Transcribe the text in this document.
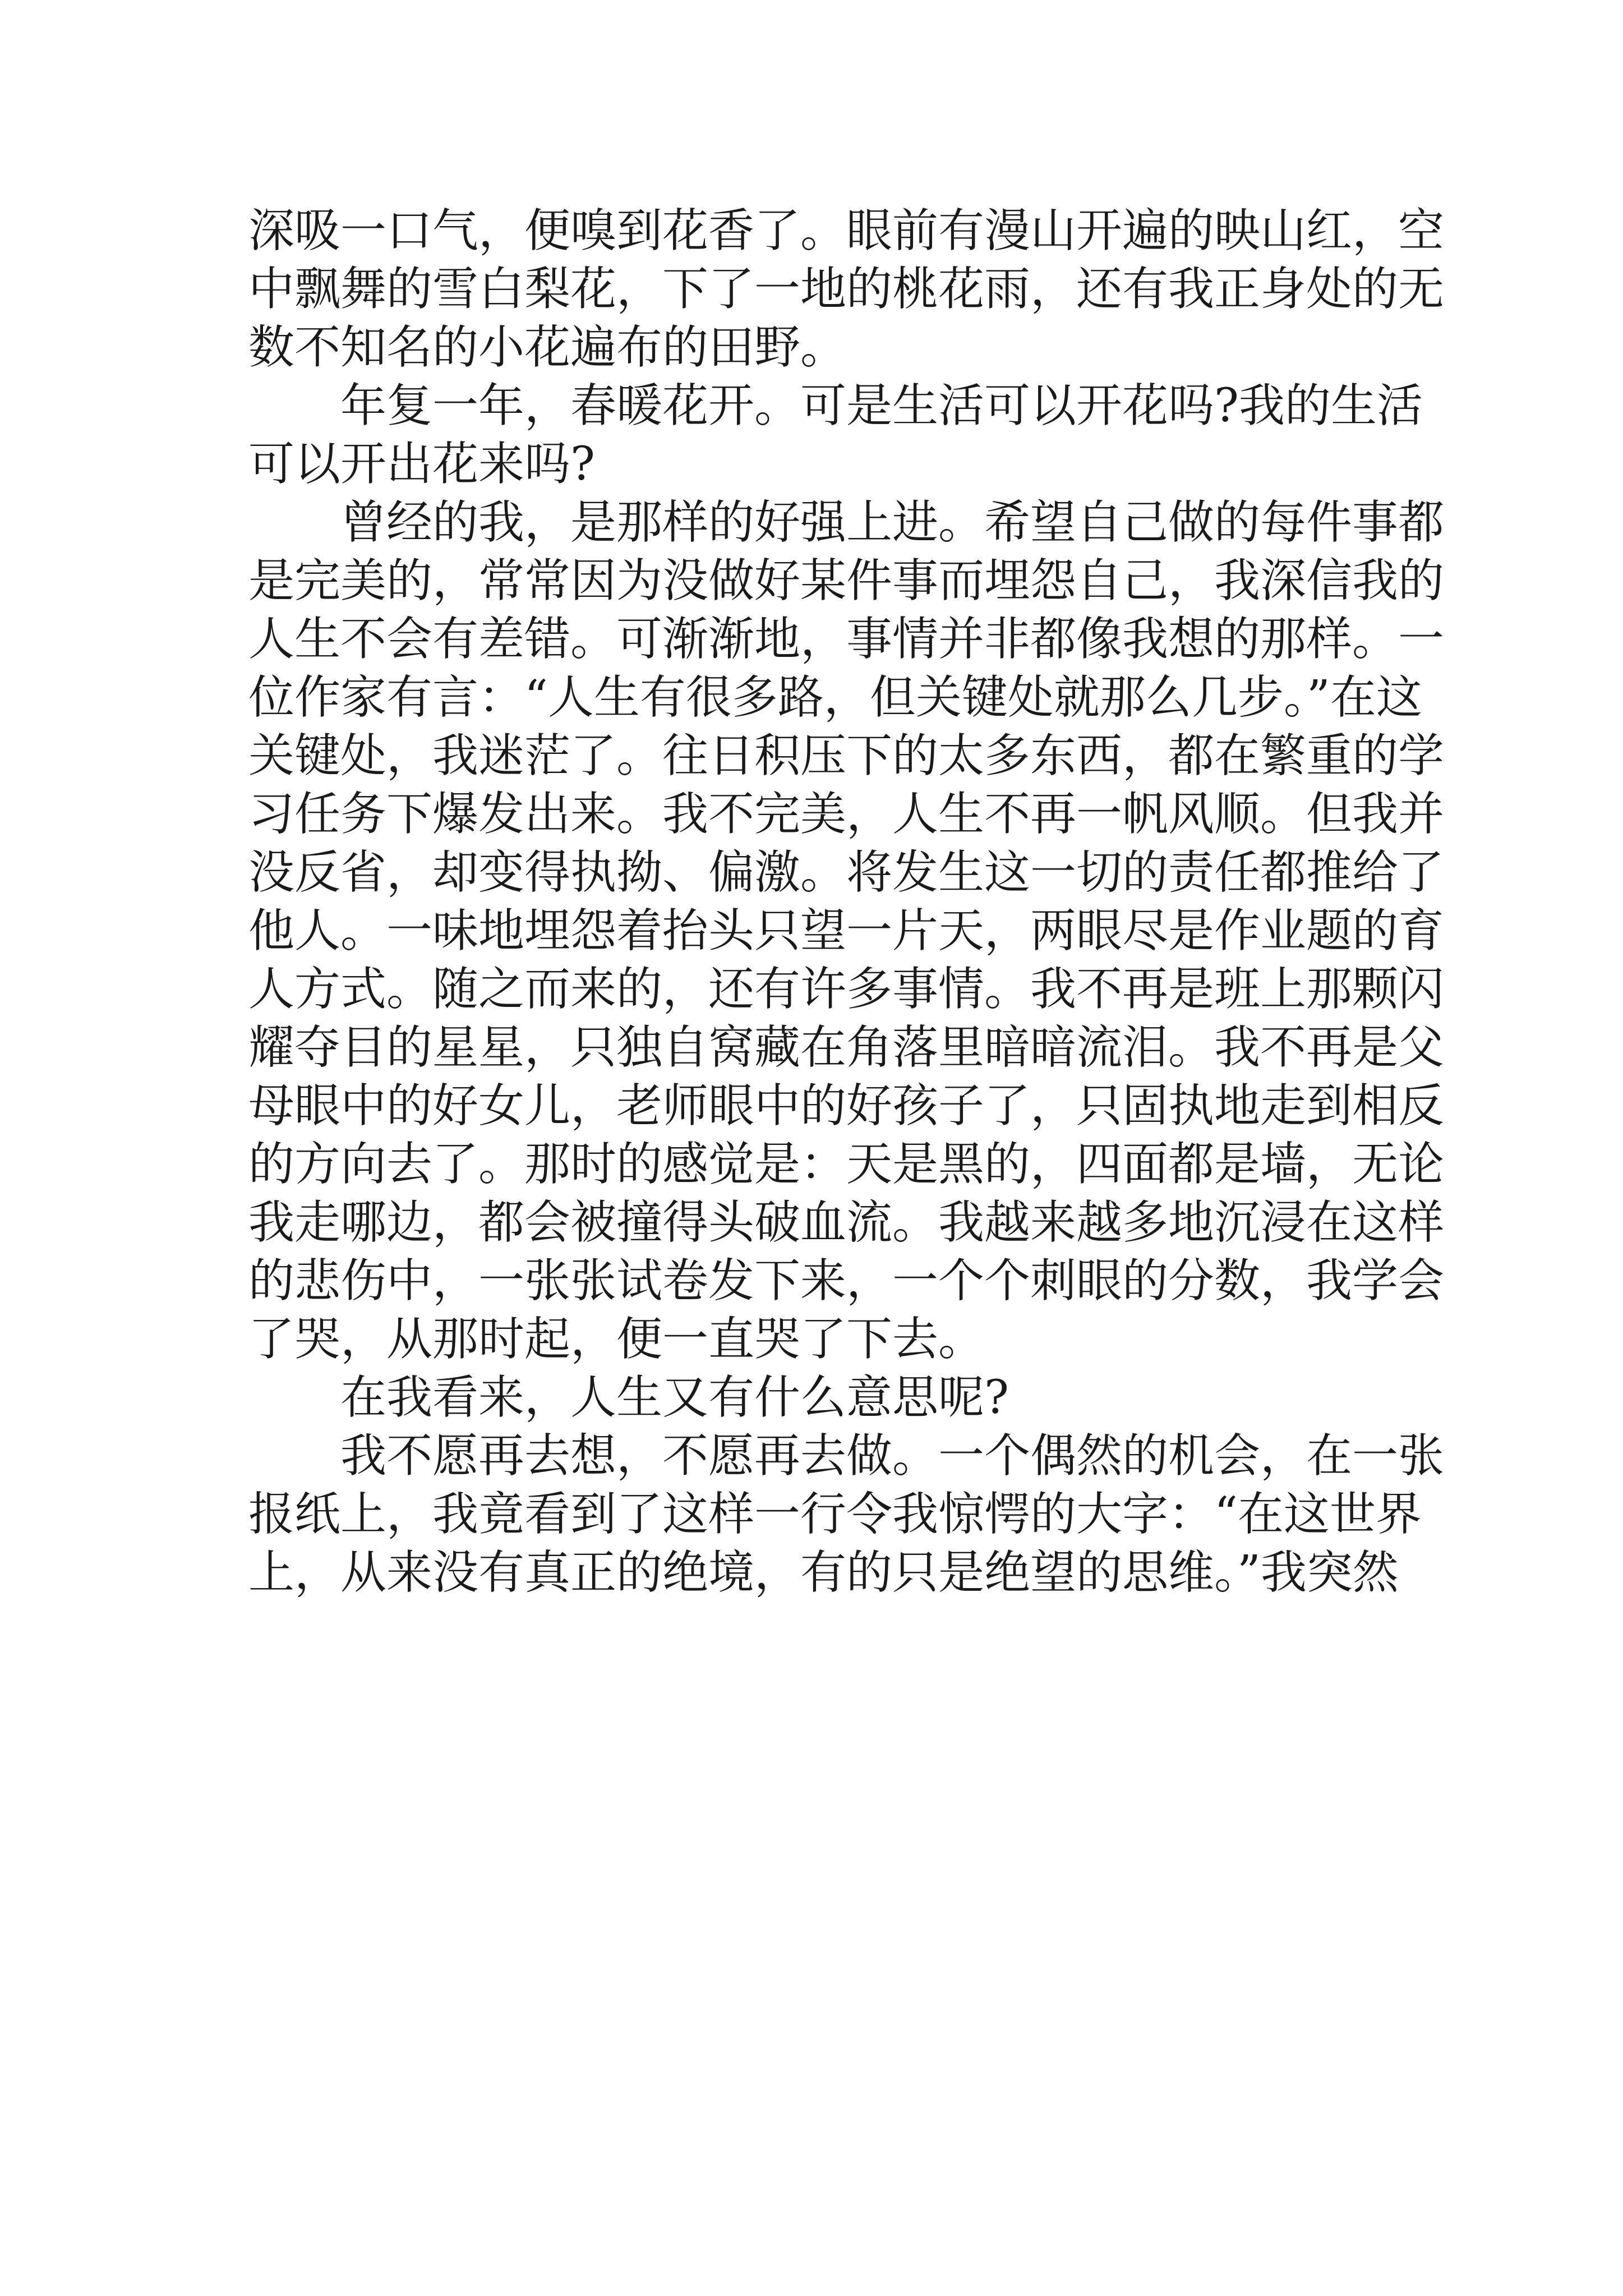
深吸一口气，便嗅到花香了。眼前有漫山开遍的映山红，空
中飘舞的雪白梨花，下了一地的桃花雨，还有我正身处的无
数不知名的小花遍布的田野。
年复一年，春暖花开。可是生活可以开花吗?我的生活
可以开出花来吗?
曾经的我，是那样的好强上进。希望自己做的每件事都
是完美的，常常因为没做好某件事而埋怨自己，我深信我的
人生不会有差错。可渐渐地，事情并非都像我想的那样。一
位作家有言：“人生有很多路，但关键处就那么几步。”在这
关键处，我迷茫了。往日积压下的太多东西，都在繁重的学
习任务下爆发出来。我不完美，人生不再一帆风顺。但我并
没反省，却变得执拗、偏激。将发生这一切的责任都推给了
他人。一味地埋怨着抬头只望一片天，两眼尽是作业题的育
人方式。随之而来的，还有许多事情。我不再是班上那颗闪
耀夺目的星星，只独自窝藏在角落里暗暗流泪。我不再是父
母眼中的好女儿，老师眼中的好孩子了，只固执地走到相反
的方向去了。那时的感觉是：天是黑的，四面都是墙，无论
我走哪边，都会被撞得头破血流。我越来越多地沉浸在这样
的悲伤中，一张张试卷发下来，一个个刺眼的分数，我学会
了哭，从那时起，便一直哭了下去。
在我看来，人生又有什么意思呢?
我不愿再去想，不愿再去做。一个偶然的机会，在一张
报纸上，我竟看到了这样一行令我惊愕的大字：“在这世界
上，从来没有真正的绝境，有的只是绝望的思维。”我突然
